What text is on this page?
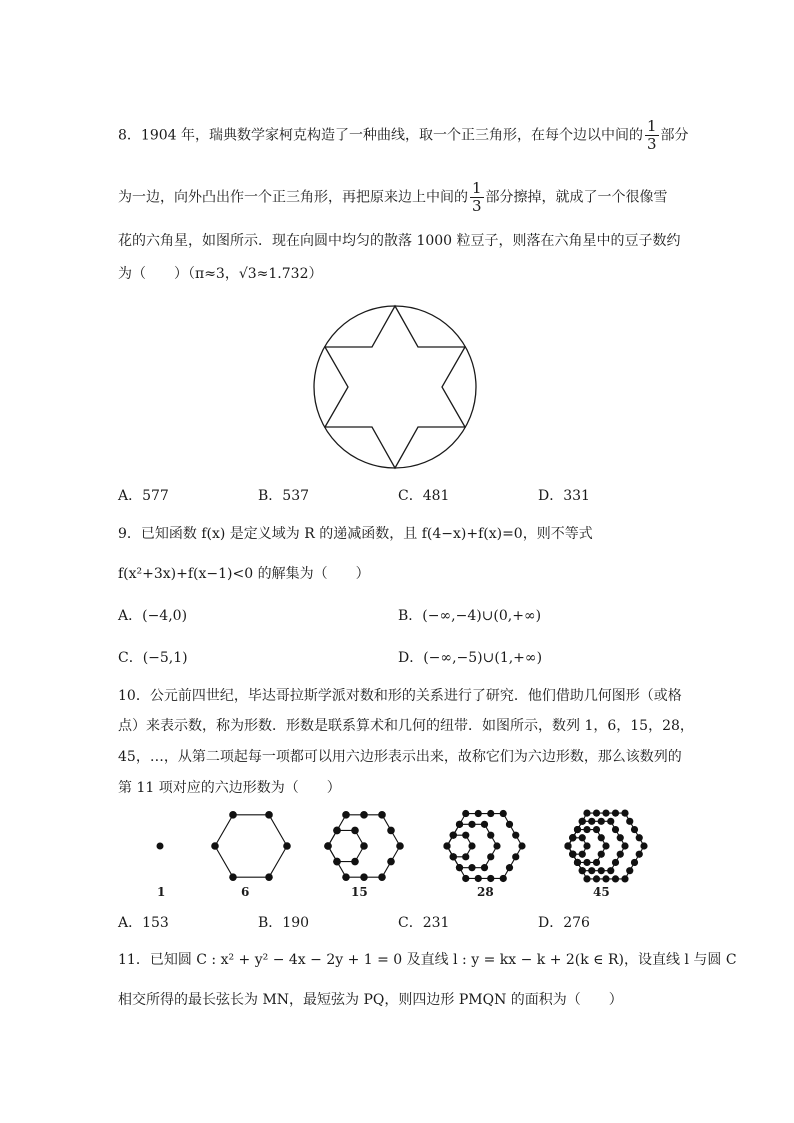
8．1904 年，瑞典数学家柯克构造了一种曲线，取一个正三角形，在每个边以中间的 $\frac{1}{3}$ 部分
为一边，向外凸出作一个正三角形，再把原来边上中间的 $\frac{1}{3}$ 部分擦掉，就成了一个很像雪
花的六角星，如图所示．现在向圆中均匀的散落 1000 粒豆子，则落在六角星中的豆子数约
为（　　）（π≈3，√3≈1.732）
A．577	B．537	C．481	D．331
9．已知函数 f(x) 是定义域为 R 的递减函数，且 f(4−x)+f(x)=0，则不等式
f(x²+3x)+f(x−1)<0 的解集为（　　）
A．(−4,0)	B．(−∞,−4)∪(0,+∞)
C．(−5,1)	D．(−∞,−5)∪(1,+∞)
10．公元前四世纪，毕达哥拉斯学派对数和形的关系进行了研究．他们借助几何图形（或格
点）来表示数，称为形数．形数是联系算术和几何的纽带．如图所示，数列 1，6，15，28，
45，…，从第二项起每一项都可以用六边形表示出来，故称它们为六边形数，那么该数列的
第 11 项对应的六边形数为（　　）
1	6	15	28	45
A．153	B．190	C．231	D．276
11．已知圆 C : x² + y² − 4x − 2y + 1 = 0 及直线 l : y = kx − k + 2(k ∈ R)，设直线 l 与圆 C
相交所得的最长弦长为 MN，最短弦为 PQ，则四边形 PMQN 的面积为（　　）
